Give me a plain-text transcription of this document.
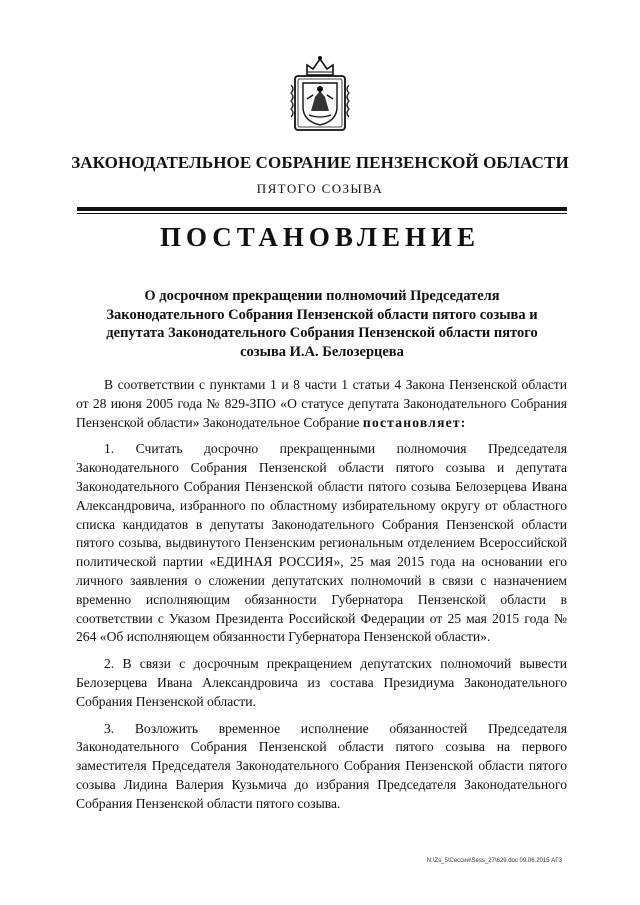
ЗАКОНОДАТЕЛЬНОЕ СОБРАНИЕ ПЕНЗЕНСКОЙ ОБЛАСТИ
ПЯТОГО СОЗЫВА
ПОСТАНОВЛЕНИЕ
О досрочном прекращении полномочий Председателя Законодательного Собрания Пензенской области пятого созыва и депутата Законодательного Собрания Пензенской области пятого созыва И.А. Белозерцева

В соответствии с пунктами 1 и 8 части 1 статьи 4 Закона Пензенской области от 28 июня 2005 года № 829-ЗПО «О статусе депутата Законодательного Собрания Пензенской области» Законодательное Собрание постановляет:

1. Считать досрочно прекращенными полномочия Председателя Законодательного Собрания Пензенской области пятого созыва и депутата Законодательного Собрания Пензенской области пятого созыва Белозерцева Ивана Александровича, избранного по областному избирательному округу от областного списка кандидатов в депутаты Законодательного Собрания Пензенской области пятого созыва, выдвинутого Пензенским региональным отделением Всероссийской политической партии «ЕДИНАЯ РОССИЯ», 25 мая 2015 года на основании его личного заявления о сложении депутатских полномочий в связи с назначением временно исполняющим обязанности Губернатора Пензенской области в соответствии с Указом Президента Российской Федерации от 25 мая 2015 года № 264 «Об исполняющем обязанности Губернатора Пензенской области».

2. В связи с досрочным прекращением депутатских полномочий вывести Белозерцева Ивана Александровича из состава Президиума Законодательного Собрания Пензенской области.

3. Возложить временное исполнение обязанностей Председателя Законодательного Собрания Пензенской области пятого созыва на первого заместителя Председателя Законодательного Собрания Пензенской области пятого созыва Лидина Валерия Кузьмича до избрания Председателя Законодательного Собрания Пензенской области пятого созыва.

N:\Zs_5\Сессии\Sess_27\629.doc 09.06.2015 АГЗ
